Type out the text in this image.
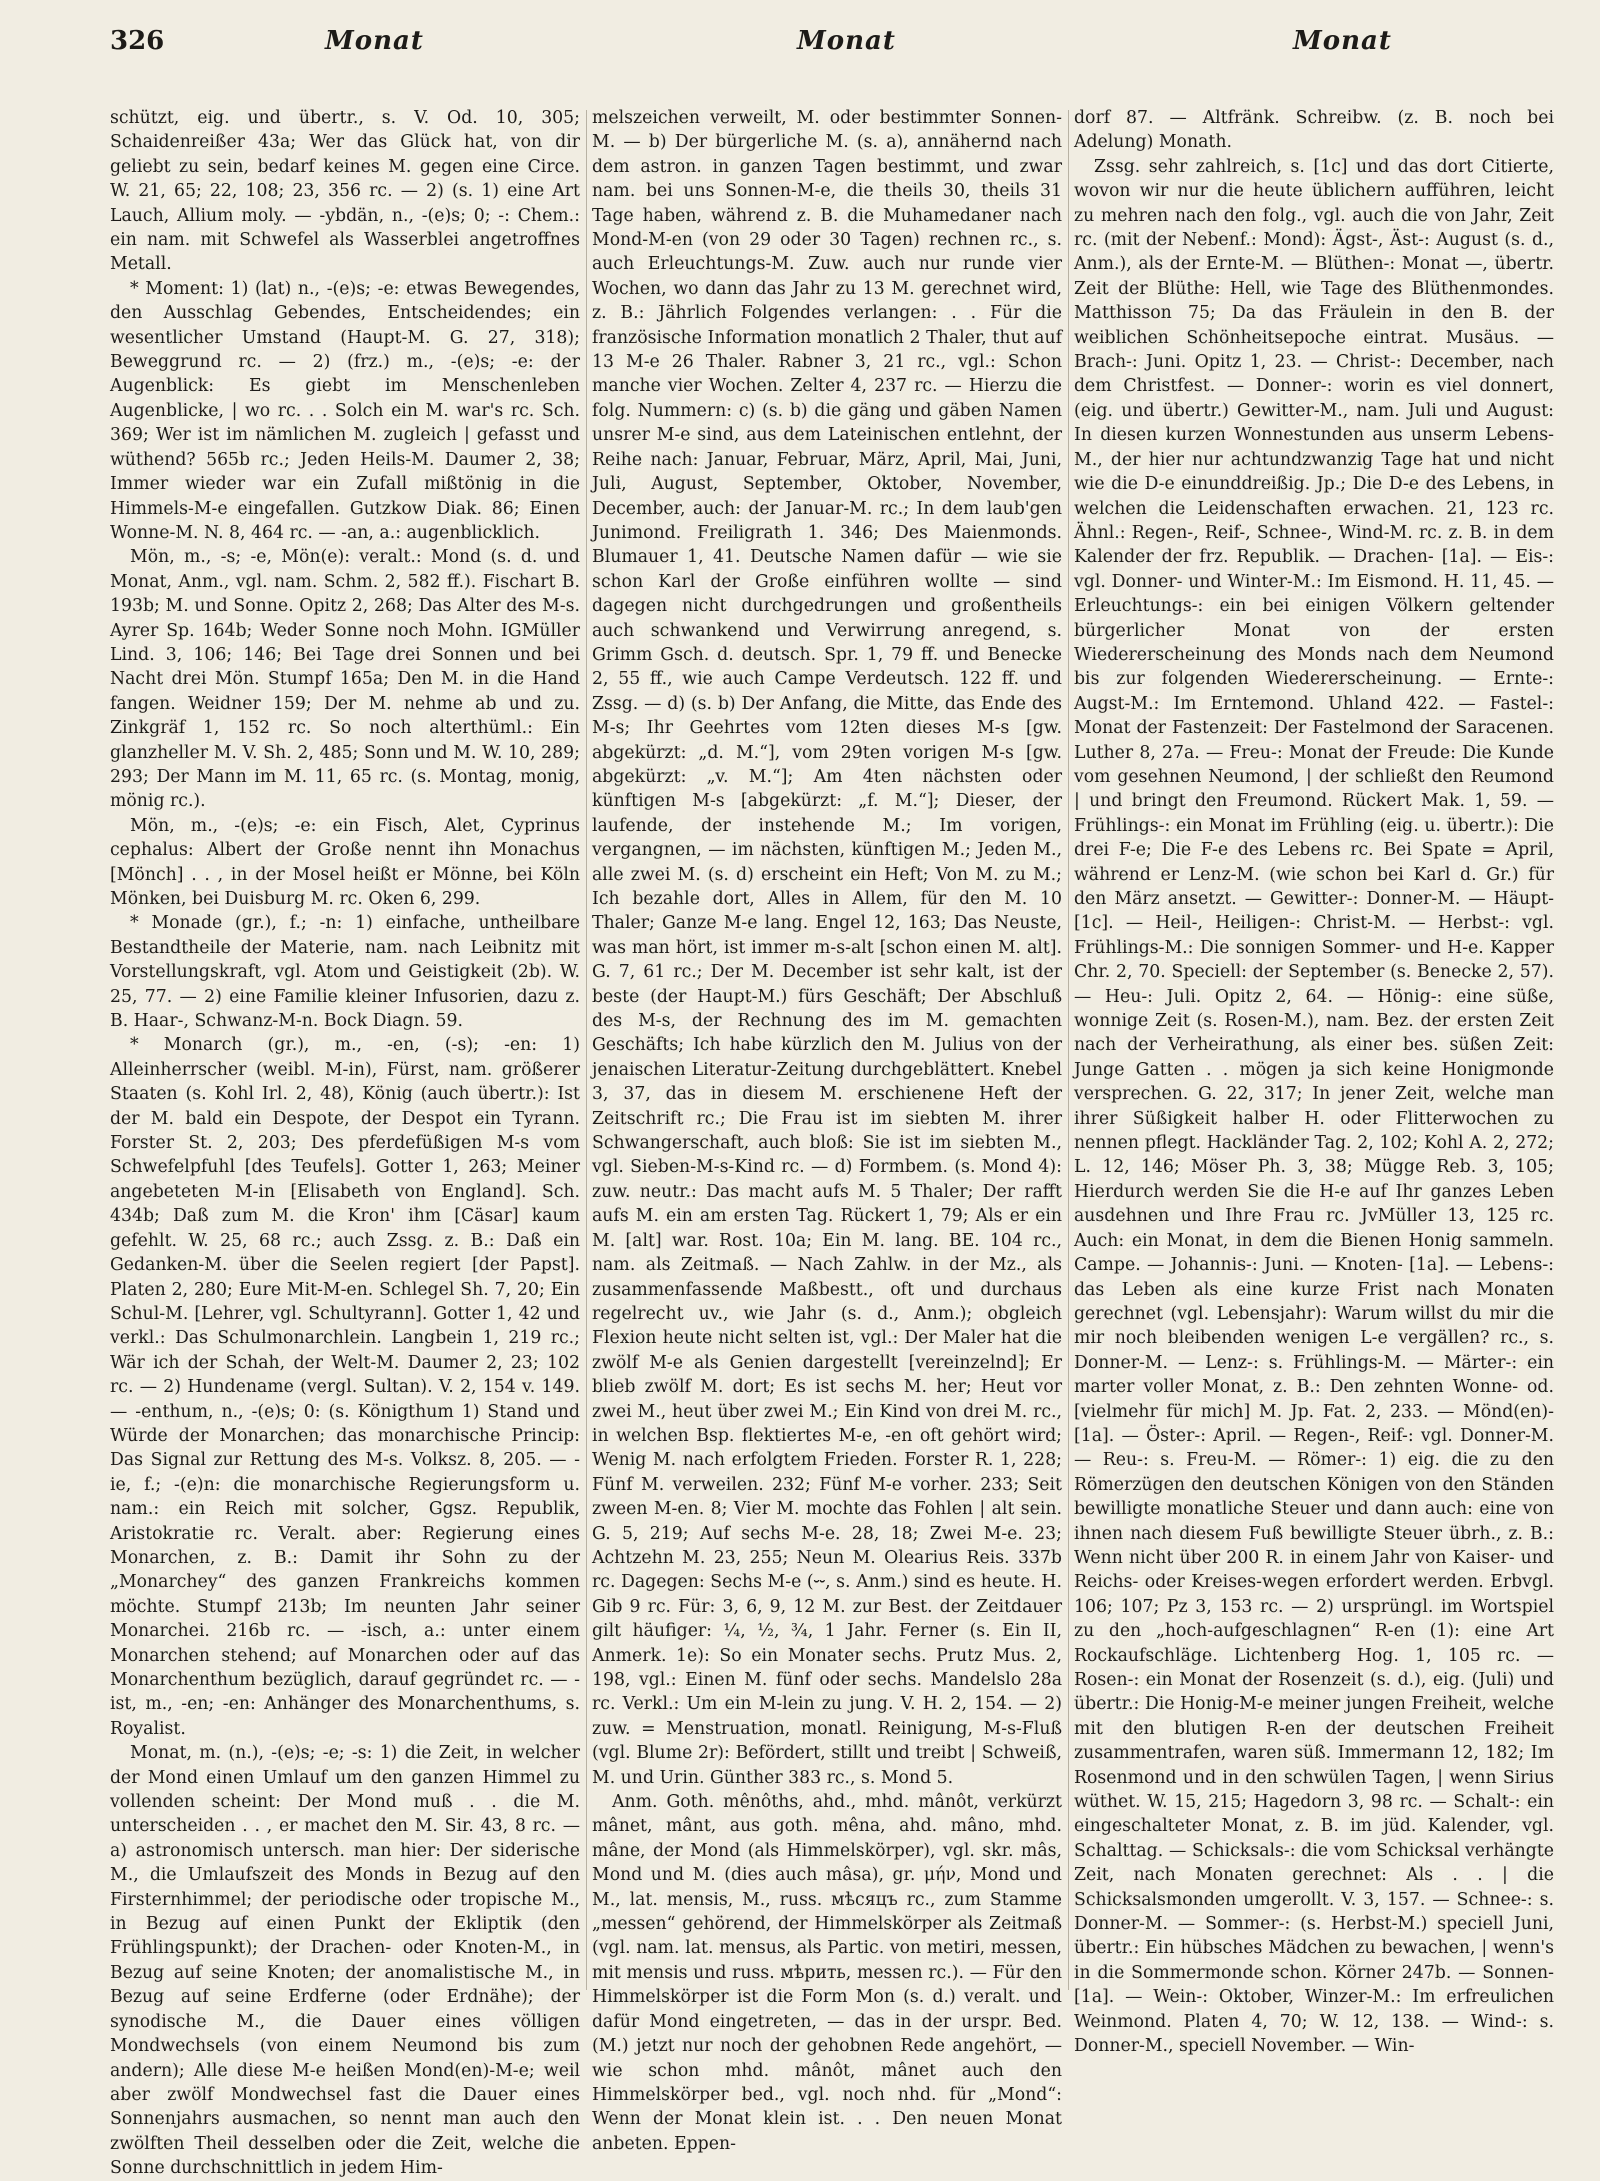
326	Monat	Monat	Monat

schützt, eig. und übertr., s. V. Od. 10, 305; Schaidenreißer 43a; Wer das Glück hat, von dir geliebt zu sein, bedarf keines M. gegen eine Circe. W. 21, 65; 22, 108; 23, 356 rc. — 2) (s. 1) eine Art Lauch, Allium moly. — -ybdän, n., -(e)s; 0; -: Chem.: ein nam. mit Schwefel als Wasserblei angetroffnes Metall.

* Moment: 1) (lat) n., -(e)s; -e: etwas Bewegendes, den Ausschlag Gebendes, Entscheidendes; ein wesentlicher Umstand (Haupt-M. G. 27, 318); Beweggrund rc. — 2) (frz.) m., -(e)s; -e: der Augenblick: Es giebt im Menschenleben Augenblicke, | wo rc. . . Solch ein M. war's rc. Sch. 369; Wer ist im nämlichen M. zugleich | gefasst und wüthend? 565b rc.; Jeden Heils-M. Daumer 2, 38; Immer wieder war ein Zufall mißtönig in die Himmels-M-e eingefallen. Gutzkow Diak. 86; Einen Wonne-M. N. 8, 464 rc. — -an, a.: augenblicklich.

Mön, m., -s; -e, Mön(e): veralt.: Mond (s. d. und Monat, Anm., vgl. nam. Schm. 2, 582 ff.). Fischart B. 193b; M. und Sonne. Opitz 2, 268; Das Alter des M-s. Ayrer Sp. 164b; Weder Sonne noch Mohn. IGMüller Lind. 3, 106; 146; Bei Tage drei Sonnen und bei Nacht drei Mön. Stumpf 165a; Den M. in die Hand fangen. Weidner 159; Der M. nehme ab und zu. Zinkgräf 1, 152 rc. So noch alterthüml.: Ein glanzheller M. V. Sh. 2, 485; Sonn und M. W. 10, 289; 293; Der Mann im M. 11, 65 rc. (s. Montag, monig, mönig rc.).

Mön, m., -(e)s; -e: ein Fisch, Alet, Cyprinus cephalus: Albert der Große nennt ihn Monachus [Mönch] . . , in der Mosel heißt er Mönne, bei Köln Mönken, bei Duisburg M. rc. Oken 6, 299.

* Monade (gr.), f.; -n: 1) einfache, untheilbare Bestandtheile der Materie, nam. nach Leibnitz mit Vorstellungskraft, vgl. Atom und Geistigkeit (2b). W. 25, 77. — 2) eine Familie kleiner Infusorien, dazu z. B. Haar-, Schwanz-M-n. Bock Diagn. 59.

* Monarch (gr.), m., -en, (-s); -en: 1) Alleinherrscher (weibl. M-in), Fürst, nam. größerer Staaten (s. Kohl Irl. 2, 48), König (auch übertr.): Ist der M. bald ein Despote, der Despot ein Tyrann. Forster St. 2, 203; Des pferdefüßigen M-s vom Schwefelpfuhl [des Teufels]. Gotter 1, 263; Meiner angebeteten M-in [Elisabeth von England]. Sch. 434b; Daß zum M. die Kron' ihm [Cäsar] kaum gefehlt. W. 25, 68 rc.; auch Zssg. z. B.: Daß ein Gedanken-M. über die Seelen regiert [der Papst]. Platen 2, 280; Eure Mit-M-en. Schlegel Sh. 7, 20; Ein Schul-M. [Lehrer, vgl. Schultyrann]. Gotter 1, 42 und verkl.: Das Schulmonarchlein. Langbein 1, 219 rc.; Wär ich der Schah, der Welt-M. Daumer 2, 23; 102 rc. — 2) Hundename (vergl. Sultan). V. 2, 154 v. 149. — -enthum, n., -(e)s; 0: (s. Königthum 1) Stand und Würde der Monarchen; das monarchische Princip: Das Signal zur Rettung des M-s. Volksz. 8, 205. — -ie, f.; -(e)n: die monarchische Regierungsform u. nam.: ein Reich mit solcher, Ggsz. Republik, Aristokratie rc. Veralt. aber: Regierung eines Monarchen, z. B.: Damit ihr Sohn zu der „Monarchey“ des ganzen Frankreichs kommen möchte. Stumpf 213b; Im neunten Jahr seiner Monarchei. 216b rc. — -isch, a.: unter einem Monarchen stehend; auf Monarchen oder auf das Monarchenthum bezüglich, darauf gegründet rc. — -ist, m., -en; -en: Anhänger des Monarchenthums, s. Royalist.

Monat, m. (n.), -(e)s; -e; -s: 1) die Zeit, in welcher der Mond einen Umlauf um den ganzen Himmel zu vollenden scheint: Der Mond muß . . die M. unterscheiden . . , er machet den M. Sir. 43, 8 rc. — a) astronomisch untersch. man hier: Der siderische M., die Umlaufszeit des Monds in Bezug auf den Firsternhimmel; der periodische oder tropische M., in Bezug auf einen Punkt der Ekliptik (den Frühlingspunkt); der Drachen- oder Knoten-M., in Bezug auf seine Knoten; der anomalistische M., in Bezug auf seine Erdferne (oder Erdnähe); der synodische M., die Dauer eines völligen Mondwechsels (von einem Neumond bis zum andern); Alle diese M-e heißen Mond(en)-M-e; weil aber zwölf Mondwechsel fast die Dauer eines Sonnenjahrs ausmachen, so nennt man auch den zwölften Theil desselben oder die Zeit, welche die Sonne durchschnittlich in jedem Him-

melszeichen verweilt, M. oder bestimmter Sonnen-M. — b) Der bürgerliche M. (s. a), annähernd nach dem astron. in ganzen Tagen bestimmt, und zwar nam. bei uns Sonnen-M-e, die theils 30, theils 31 Tage haben, während z. B. die Muhamedaner nach Mond-M-en (von 29 oder 30 Tagen) rechnen rc., s. auch Erleuchtungs-M. Zuw. auch nur runde vier Wochen, wo dann das Jahr zu 13 M. gerechnet wird, z. B.: Jährlich Folgendes verlangen: . . Für die französische Information monatlich 2 Thaler, thut auf 13 M-e 26 Thaler. Rabner 3, 21 rc., vgl.: Schon manche vier Wochen. Zelter 4, 237 rc. — Hierzu die folg. Nummern: c) (s. b) die gäng und gäben Namen unsrer M-e sind, aus dem Lateinischen entlehnt, der Reihe nach: Januar, Februar, März, April, Mai, Juni, Juli, August, September, Oktober, November, December, auch: der Januar-M. rc.; In dem laub'gen Junimond. Freiligrath 1. 346; Des Maienmonds. Blumauer 1, 41. Deutsche Namen dafür — wie sie schon Karl der Große einführen wollte — sind dagegen nicht durchgedrungen und großentheils auch schwankend und Verwirrung anregend, s. Grimm Gsch. d. deutsch. Spr. 1, 79 ff. und Benecke 2, 55 ff., wie auch Campe Verdeutsch. 122 ff. und Zssg. — d) (s. b) Der Anfang, die Mitte, das Ende des M-s; Ihr Geehrtes vom 12ten dieses M-s [gw. abgekürzt: „d. M.“], vom 29ten vorigen M-s [gw. abgekürzt: „v. M.“]; Am 4ten nächsten oder künftigen M-s [abgekürzt: „f. M.“]; Dieser, der laufende, der instehende M.; Im vorigen, vergangnen, — im nächsten, künftigen M.; Jeden M., alle zwei M. (s. d) erscheint ein Heft; Von M. zu M.; Ich bezahle dort, Alles in Allem, für den M. 10 Thaler; Ganze M-e lang. Engel 12, 163; Das Neuste, was man hört, ist immer m-s-alt [schon einen M. alt]. G. 7, 61 rc.; Der M. December ist sehr kalt, ist der beste (der Haupt-M.) fürs Geschäft; Der Abschluß des M-s, der Rechnung des im M. gemachten Geschäfts; Ich habe kürzlich den M. Julius von der jenaischen Literatur-Zeitung durchgeblättert. Knebel 3, 37, das in diesem M. erschienene Heft der Zeitschrift rc.; Die Frau ist im siebten M. ihrer Schwangerschaft, auch bloß: Sie ist im siebten M., vgl. Sieben-M-s-Kind rc. — d) Formbem. (s. Mond 4): zuw. neutr.: Das macht aufs M. 5 Thaler; Der rafft aufs M. ein am ersten Tag. Rückert 1, 79; Als er ein M. [alt] war. Rost. 10a; Ein M. lang. BE. 104 rc., nam. als Zeitmaß. — Nach Zahlw. in der Mz., als zusammenfassende Maßbestt., oft und durchaus regelrecht uv., wie Jahr (s. d., Anm.); obgleich Flexion heute nicht selten ist, vgl.: Der Maler hat die zwölf M-e als Genien dargestellt [vereinzelnd]; Er blieb zwölf M. dort; Es ist sechs M. her; Heut vor zwei M., heut über zwei M.; Ein Kind von drei M. rc., in welchen Bsp. flektiertes M-e, -en oft gehört wird; Wenig M. nach erfolgtem Frieden. Forster R. 1, 228; Fünf M. verweilen. 232; Fünf M-e vorher. 233; Seit zween M-en. 8; Vier M. mochte das Fohlen | alt sein. G. 5, 219; Auf sechs M-e. 28, 18; Zwei M-e. 23; Achtzehn M. 23, 255; Neun M. Olearius Reis. 337b rc. Dagegen: Sechs M-e (⏑⏑, s. Anm.) sind es heute. H. Gib 9 rc. Für: 3, 6, 9, 12 M. zur Best. der Zeitdauer gilt häufiger: ¼, ½, ¾, 1 Jahr. Ferner (s. Ein II, Anmerk. 1e): So ein Monater sechs. Prutz Mus. 2, 198, vgl.: Einen M. fünf oder sechs. Mandelslo 28a rc. Verkl.: Um ein M-lein zu jung. V. H. 2, 154. — 2) zuw. = Menstruation, monatl. Reinigung, M-s-Fluß (vgl. Blume 2r): Befördert, stillt und treibt | Schweiß, M. und Urin. Günther 383 rc., s. Mond 5.

Anm. Goth. mênôths, ahd., mhd. mânôt, verkürzt mânet, mânt, aus goth. mêna, ahd. mâno, mhd. mâne, der Mond (als Himmelskörper), vgl. skr. mâs, Mond und M. (dies auch mâsa), gr. μήν, Mond und M., lat. mensis, M., russ. мѣсяцъ rc., zum Stamme „messen“ gehörend, der Himmelskörper als Zeitmaß (vgl. nam. lat. mensus, als Partic. von metiri, messen, mit mensis und russ. мѣрить, messen rc.). — Für den Himmelskörper ist die Form Mon (s. d.) veralt. und dafür Mond eingetreten, — das in der urspr. Bed. (M.) jetzt nur noch der gehobnen Rede angehört, — wie schon mhd. mânôt, mânet auch den Himmelskörper bed., vgl. noch nhd. für „Mond“: Wenn der Monat klein ist. . . Den neuen Monat anbeten. Eppen-

dorf 87. — Altfränk. Schreibw. (z. B. noch bei Adelung) Monath.

Zssg. sehr zahlreich, s. [1c] und das dort Citierte, wovon wir nur die heute üblichern aufführen, leicht zu mehren nach den folg., vgl. auch die von Jahr, Zeit rc. (mit der Nebenf.: Mond): Ägst-, Äst-: August (s. d., Anm.), als der Ernte-M. — Blüthen-: Monat —, übertr. Zeit der Blüthe: Hell, wie Tage des Blüthenmondes. Matthisson 75; Da das Fräulein in den B. der weiblichen Schönheitsepoche eintrat. Musäus. — Brach-: Juni. Opitz 1, 23. — Christ-: December, nach dem Christfest. — Donner-: worin es viel donnert, (eig. und übertr.) Gewitter-M., nam. Juli und August: In diesen kurzen Wonnestunden aus unserm Lebens-M., der hier nur achtundzwanzig Tage hat und nicht wie die D-e einunddreißig. Jp.; Die D-e des Lebens, in welchen die Leidenschaften erwachen. 21, 123 rc. Ähnl.: Regen-, Reif-, Schnee-, Wind-M. rc. z. B. in dem Kalender der frz. Republik. — Drachen- [1a]. — Eis-: vgl. Donner- und Winter-M.: Im Eismond. H. 11, 45. — Erleuchtungs-: ein bei einigen Völkern geltender bürgerlicher Monat von der ersten Wiedererscheinung des Monds nach dem Neumond bis zur folgenden Wiedererscheinung. — Ernte-: Augst-M.: Im Erntemond. Uhland 422. — Fastel-: Monat der Fastenzeit: Der Fastelmond der Saracenen. Luther 8, 27a. — Freu-: Monat der Freude: Die Kunde vom gesehnen Neumond, | der schließt den Reumond | und bringt den Freumond. Rückert Mak. 1, 59. — Frühlings-: ein Monat im Frühling (eig. u. übertr.): Die drei F-e; Die F-e des Lebens rc. Bei Spate = April, während er Lenz-M. (wie schon bei Karl d. Gr.) für den März ansetzt. — Gewitter-: Donner-M. — Häupt- [1c]. — Heil-, Heiligen-: Christ-M. — Herbst-: vgl. Frühlings-M.: Die sonnigen Sommer- und H-e. Kapper Chr. 2, 70. Speciell: der September (s. Benecke 2, 57). — Heu-: Juli. Opitz 2, 64. — Hönig-: eine süße, wonnige Zeit (s. Rosen-M.), nam. Bez. der ersten Zeit nach der Verheirathung, als einer bes. süßen Zeit: Junge Gatten . . mögen ja sich keine Honigmonde versprechen. G. 22, 317; In jener Zeit, welche man ihrer Süßigkeit halber H. oder Flitterwochen zu nennen pflegt. Hackländer Tag. 2, 102; Kohl A. 2, 272; L. 12, 146; Möser Ph. 3, 38; Mügge Reb. 3, 105; Hierdurch werden Sie die H-e auf Ihr ganzes Leben ausdehnen und Ihre Frau rc. JvMüller 13, 125 rc. Auch: ein Monat, in dem die Bienen Honig sammeln. Campe. — Johannis-: Juni. — Knoten- [1a]. — Lebens-: das Leben als eine kurze Frist nach Monaten gerechnet (vgl. Lebensjahr): Warum willst du mir die mir noch bleibenden wenigen L-e vergällen? rc., s. Donner-M. — Lenz-: s. Frühlings-M. — Märter-: ein marter voller Monat, z. B.: Den zehnten Wonne- od. [vielmehr für mich] M. Jp. Fat. 2, 233. — Mönd(en)- [1a]. — Öster-: April. — Regen-, Reif-: vgl. Donner-M. — Reu-: s. Freu-M. — Römer-: 1) eig. die zu den Römerzügen den deutschen Königen von den Ständen bewilligte monatliche Steuer und dann auch: eine von ihnen nach diesem Fuß bewilligte Steuer übrh., z. B.: Wenn nicht über 200 R. in einem Jahr von Kaiser- und Reichs- oder Kreises-wegen erfordert werden. Erbvgl. 106; 107; Pz 3, 153 rc. — 2) ursprüngl. im Wortspiel zu den „hoch-aufgeschlagnen“ R-en (1): eine Art Rockaufschläge. Lichtenberg Hog. 1, 105 rc. — Rosen-: ein Monat der Rosenzeit (s. d.), eig. (Juli) und übertr.: Die Honig-M-e meiner jungen Freiheit, welche mit den blutigen R-en der deutschen Freiheit zusammentrafen, waren süß. Immermann 12, 182; Im Rosenmond und in den schwülen Tagen, | wenn Sirius wüthet. W. 15, 215; Hagedorn 3, 98 rc. — Schalt-: ein eingeschalteter Monat, z. B. im jüd. Kalender, vgl. Schalttag. — Schicksals-: die vom Schicksal verhängte Zeit, nach Monaten gerechnet: Als . . | die Schicksalsmonden umgerollt. V. 3, 157. — Schnee-: s. Donner-M. — Sommer-: (s. Herbst-M.) speciell Juni, übertr.: Ein hübsches Mädchen zu bewachen, | wenn's in die Sommermonde schon. Körner 247b. — Sonnen- [1a]. — Wein-: Oktober, Winzer-M.: Im erfreulichen Weinmond. Platen 4, 70; W. 12, 138. — Wind-: s. Donner-M., speciell November. — Win-
